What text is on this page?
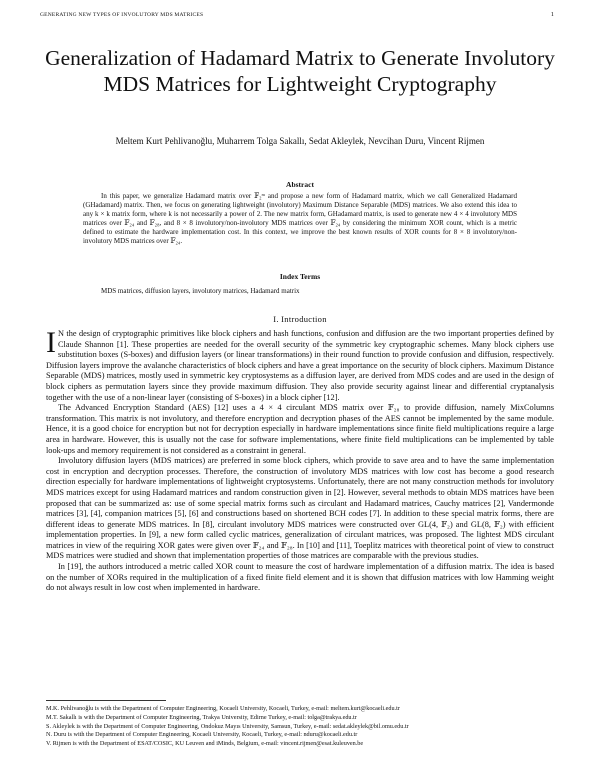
GENERATING NEW TYPES OF INVOLUTORY MDS MATRICES	1
Generalization of Hadamard Matrix to Generate Involutory MDS Matrices for Lightweight Cryptography
Meltem Kurt Pehlivanoğlu, Muharrem Tolga Sakallı, Sedat Akleylek, Nevcihan Duru, Vincent Rijmen
Abstract
In this paper, we generalize Hadamard matrix over 𝔽₂ᵐ and propose a new form of Hadamard matrix, which we call Generalized Hadamard (GHadamard) matrix. Then, we focus on generating lightweight (involutory) Maximum Distance Separable (MDS) matrices. We also extend this idea to any k × k matrix form, where k is not necessarily a power of 2. The new matrix form, GHadamard matrix, is used to generate new 4 × 4 involutory MDS matrices over 𝔽₂₄ and 𝔽₂₈, and 8 × 8 involutory/non-involutory MDS matrices over 𝔽₂₄ by considering the minimum XOR count, which is a metric defined to estimate the hardware implementation cost. In this context, we improve the best known results of XOR counts for 8 × 8 involutory/non-involutory MDS matrices over 𝔽₂₄.
Index Terms
MDS matrices, diffusion layers, involutory matrices, Hadamard matrix
I. Introduction

I N the design of cryptographic primitives like block ciphers and hash functions, confusion and diffusion are the two important properties defined by Claude Shannon [1]. These properties are needed for the overall security of the symmetric key cryptographic schemes. Many block ciphers use substitution boxes (S-boxes) and diffusion layers (or linear transformations) in their round function to provide confusion and diffusion, respectively. Diffusion layers improve the avalanche characteristics of block ciphers and have a great importance on the security of block ciphers. Maximum Distance Separable (MDS) matrices, mostly used in symmetric key cryptosystems as a diffusion layer, are derived from MDS codes and are used in the design of block ciphers as permutation layers since they provide maximum diffusion. They also provide security against linear and differential cryptanalysis together with the use of a non-linear layer (consisting of S-boxes) in a block cipher [12].

The Advanced Encryption Standard (AES) [12] uses a 4 × 4 circulant MDS matrix over 𝔽₂₈ to provide diffusion, namely MixColumns transformation. This matrix is not involutory, and therefore encryption and decryption phases of the AES cannot be implemented by the same module. Hence, it is a good choice for encryption but not for decryption especially in hardware implementations since finite field multiplications require a large area in hardware. However, this is usually not the case for software implementations, where finite field multiplications can be implemented by table look-ups and memory requirement is not considered as a constraint in general.

Involutory diffusion layers (MDS matrices) are preferred in some block ciphers, which provide to save area and to have the same implementation cost in encryption and decryption processes. Therefore, the construction of involutory MDS matrices with low cost has become a good research direction especially for hardware implementations of lightweight cryptosystems. Unfortunately, there are not many construction methods for involutory MDS matrices except for using Hadamard matrices and random construction given in [2]. However, several methods to obtain MDS matrices have been proposed that can be summarized as: use of some special matrix forms such as circulant and Hadamard matrices, Cauchy matrices [2], Vandermonde matrices [3], [4], companion matrices [5], [6] and constructions based on shortened BCH codes [7]. In addition to these special matrix forms, there are different ideas to generate MDS matrices. In [8], circulant involutory MDS matrices were constructed over GL(4, 𝔽₂) and GL(8, 𝔽₂) with efficient implementation properties. In [9], a new form called cyclic matrices, generalization of circulant matrices, was proposed. The lightest MDS circulant matrices in view of the requiring XOR gates were given over 𝔽₂₄ and 𝔽₂₈. In [10] and [11], Toeplitz matrices with theoretical point of view to construct MDS matrices were studied and shown that implementation properties of those matrices are comparable with the previous studies.

In [19], the authors introduced a metric called XOR count to measure the cost of hardware implementation of a diffusion matrix. The idea is based on the number of XORs required in the multiplication of a fixed finite field element and it is shown that diffusion matrices with low Hamming weight do not always result in low cost when implemented in hardware.

M.K. Pehlivanoğlu is with the Department of Computer Engineering, Kocaeli University, Kocaeli, Turkey, e-mail: meltem.kurt@kocaeli.edu.tr
M.T. Sakallı is with the Department of Computer Engineering, Trakya University, Edirne Turkey, e-mail: tolga@trakya.edu.tr
S. Akleylek is with the Department of Computer Engineering, Ondokuz Mayıs University, Samsun, Turkey, e-mail: sedat.akleylek@bil.omu.edu.tr
N. Duru is with the Department of Computer Engineering, Kocaeli University, Kocaeli, Turkey, e-mail: nduru@kocaeli.edu.tr
V. Rijmen is with the Department of ESAT/COSIC, KU Leuven and iMinds, Belgium, e-mail: vincent.rijmen@esat.kuleuven.be
